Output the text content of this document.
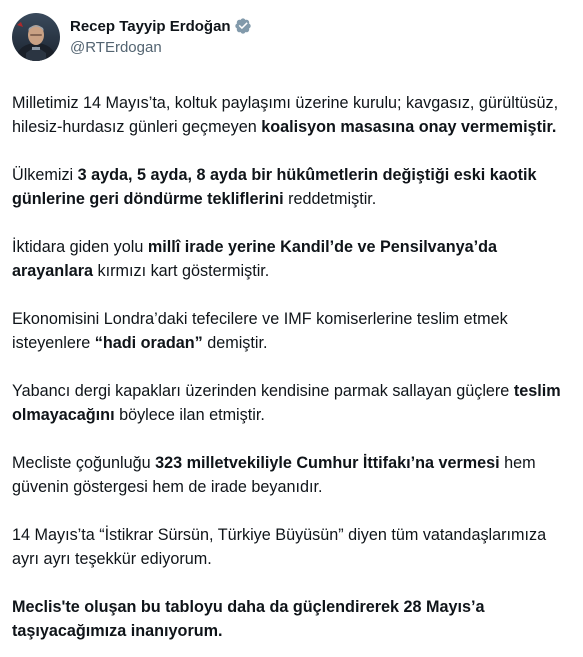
Recep Tayyip Erdoğan
@RTErdogan

Milletimiz 14 Mayıs’ta, koltuk paylaşımı üzerine kurulu; kavgasız, gürültüsüz, hilesiz-hurdasız günleri geçmeyen koalisyon masasına onay vermemiştir.

Ülkemizi 3 ayda, 5 ayda, 8 ayda bir hükûmetlerin değiştiği eski kaotik günlerine geri döndürme tekliflerini reddetmiştir.

İktidara giden yolu millî irade yerine Kandil’de ve Pensilvanya’da arayanlara kırmızı kart göstermiştir.

Ekonomisini Londra’daki tefecilere ve IMF komiserlerine teslim etmek isteyenlere “hadi oradan” demiştir.

Yabancı dergi kapakları üzerinden kendisine parmak sallayan güçlere teslim olmayacağını böylece ilan etmiştir.

Mecliste çoğunluğu 323 milletvekiliyle Cumhur İttifakı’na vermesi hem güvenin göstergesi hem de irade beyanıdır.

14 Mayıs’ta “İstikrar Sürsün, Türkiye Büyüsün” diyen tüm vatandaşlarımıza ayrı ayrı teşekkür ediyorum.

Meclis'te oluşan bu tabloyu daha da güçlendirerek 28 Mayıs’a taşıyacağımıza inanıyorum.
